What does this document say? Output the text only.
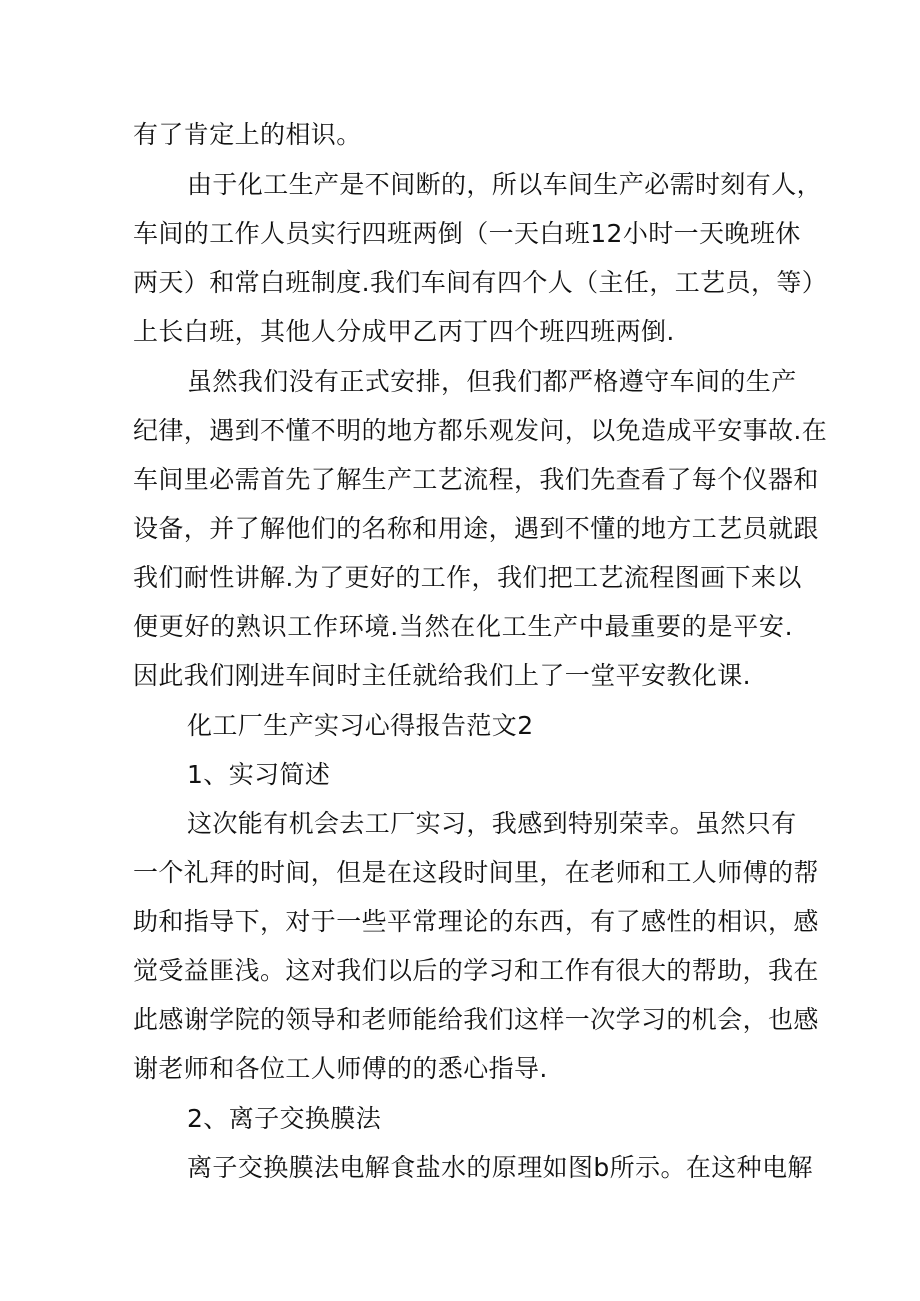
有了肯定上的相识。
由于化工生产是不间断的，所以车间生产必需时刻有人，
车间的工作人员实行四班两倒（一天白班12小时一天晚班休
两天）和常白班制度.我们车间有四个人（主任，工艺员，等）
上长白班，其他人分成甲乙丙丁四个班四班两倒.
虽然我们没有正式安排，但我们都严格遵守车间的生产
纪律，遇到不懂不明的地方都乐观发问，以免造成平安事故.在
车间里必需首先了解生产工艺流程，我们先查看了每个仪器和
设备，并了解他们的名称和用途，遇到不懂的地方工艺员就跟
我们耐性讲解.为了更好的工作，我们把工艺流程图画下来以
便更好的熟识工作环境.当然在化工生产中最重要的是平安.
因此我们刚进车间时主任就给我们上了一堂平安教化课.
化工厂生产实习心得报告范文2
1、实习简述
这次能有机会去工厂实习，我感到特别荣幸。虽然只有
一个礼拜的时间，但是在这段时间里，在老师和工人师傅的帮
助和指导下，对于一些平常理论的东西，有了感性的相识，感
觉受益匪浅。这对我们以后的学习和工作有很大的帮助，我在
此感谢学院的领导和老师能给我们这样一次学习的机会，也感
谢老师和各位工人师傅的的悉心指导.
2、离子交换膜法
离子交换膜法电解食盐水的原理如图b所示。在这种电解
